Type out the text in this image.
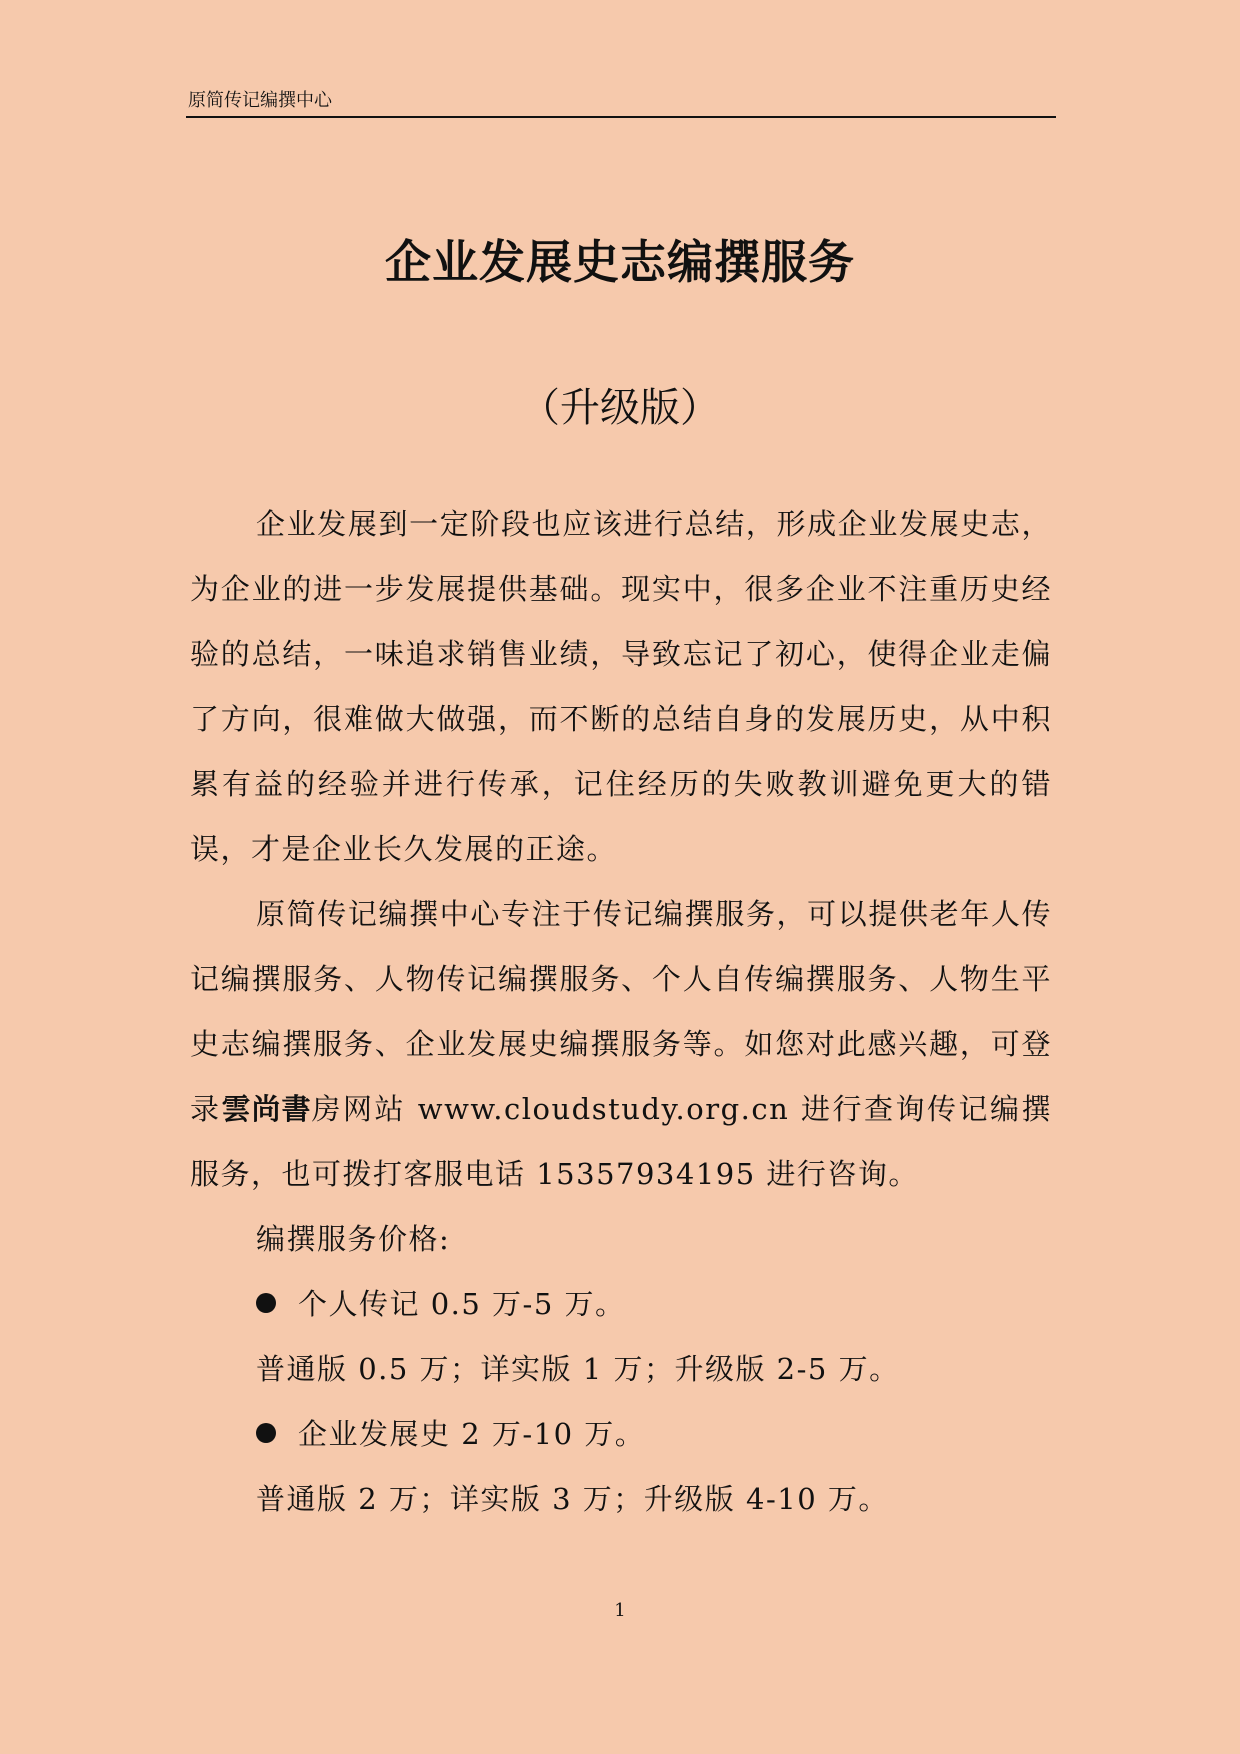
原简传记编撰中心
企业发展史志编撰服务
（升级版）

企业发展到一定阶段也应该进行总结，形成企业发展史志，为企业的进一步发展提供基础。现实中，很多企业不注重历史经验的总结，一味追求销售业绩，导致忘记了初心，使得企业走偏了方向，很难做大做强，而不断的总结自身的发展历史，从中积累有益的经验并进行传承，记住经历的失败教训避免更大的错误，才是企业长久发展的正途。

原简传记编撰中心专注于传记编撰服务，可以提供老年人传记编撰服务、人物传记编撰服务、个人自传编撰服务、人物生平史志编撰服务、企业发展史编撰服务等。如您对此感兴趣，可登录雲尚書房网站 www.cloudstudy.org.cn 进行查询传记编撰服务，也可拨打客服电话 15357934195 进行咨询。

编撰服务价格:

个人传记 0.5 万-5 万。

普通版 0.5 万；详实版 1 万；升级版 2-5 万。

企业发展史 2 万-10 万。

普通版 2 万；详实版 3 万；升级版 4-10 万。

1
